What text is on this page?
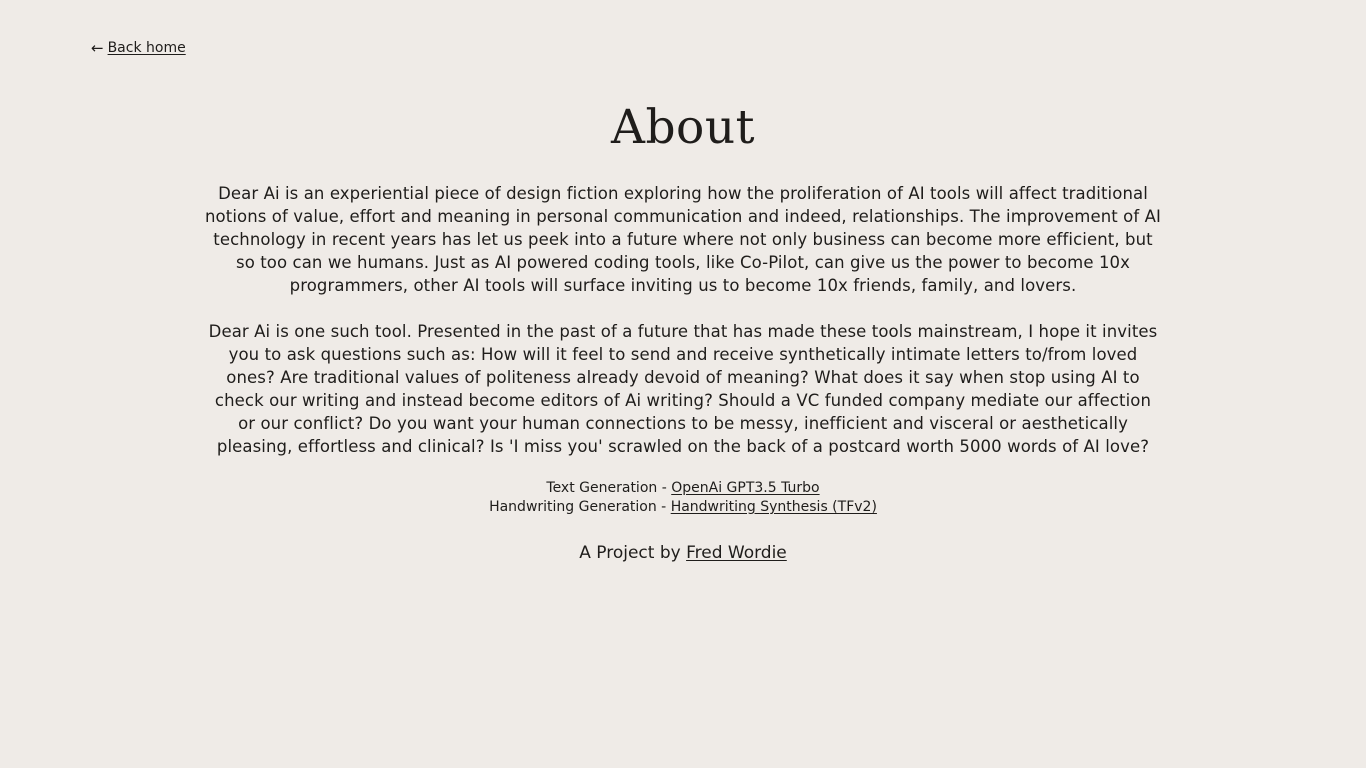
← Back home
About

Dear Ai is an experiential piece of design fiction exploring how the proliferation of AI tools will affect traditional notions of value, effort and meaning in personal communication and indeed, relationships. The improvement of AI technology in recent years has let us peek into a future where not only business can become more efficient, but so too can we humans. Just as AI powered coding tools, like Co-Pilot, can give us the power to become 10x programmers, other AI tools will surface inviting us to become 10x friends, family, and lovers.

Dear Ai is one such tool. Presented in the past of a future that has made these tools mainstream, I hope it invites you to ask questions such as: How will it feel to send and receive synthetically intimate letters to/from loved ones? Are traditional values of politeness already devoid of meaning? What does it say when stop using AI to check our writing and instead become editors of Ai writing? Should a VC funded company mediate our affection or our conflict? Do you want your human connections to be messy, inefficient and visceral or aesthetically pleasing, effortless and clinical? Is 'I miss you' scrawled on the back of a postcard worth 5000 words of AI love?

Text Generation - OpenAi GPT3.5 Turbo
Handwriting Generation - Handwriting Synthesis (TFv2)
A Project by Fred Wordie
